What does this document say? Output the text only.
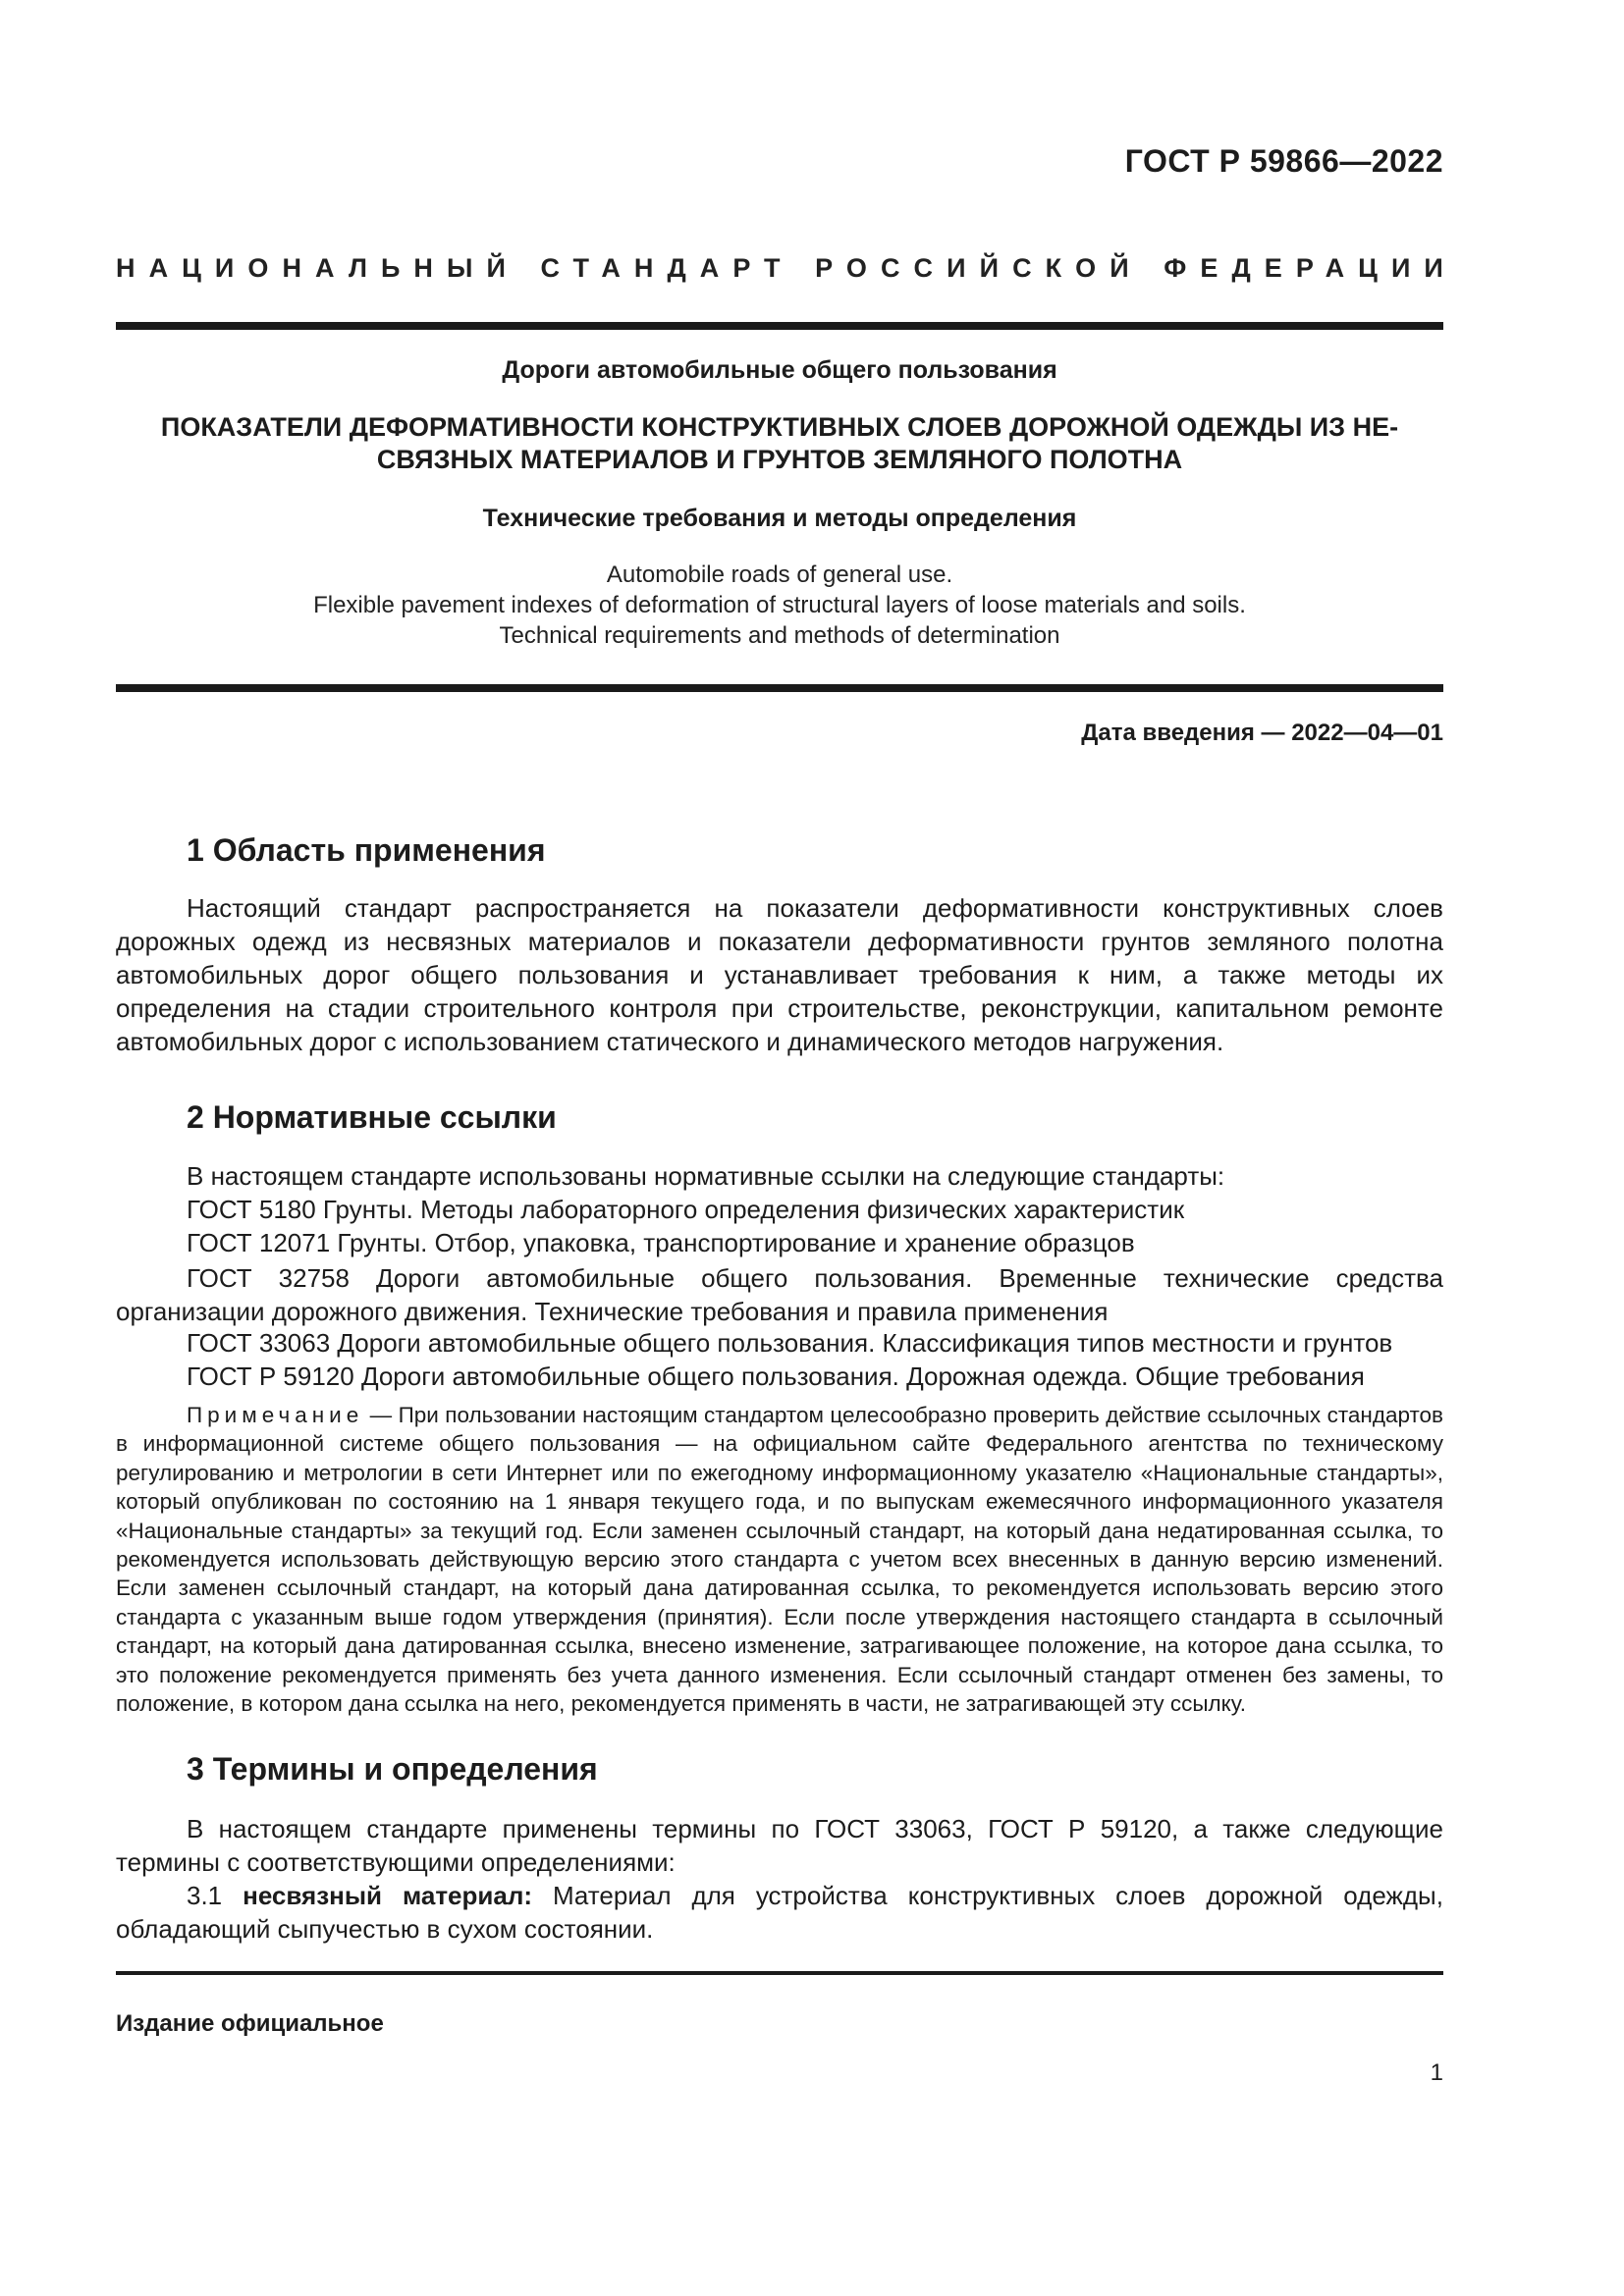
ГОСТ Р 59866—2022
НАЦИОНАЛЬНЫЙ СТАНДАРТ РОССИЙСКОЙ ФЕДЕРАЦИИ
Дороги автомобильные общего пользования
ПОКАЗАТЕЛИ ДЕФОРМАТИВНОСТИ КОНСТРУКТИВНЫХ СЛОЕВ ДОРОЖНОЙ ОДЕЖДЫ ИЗ НЕ-
СВЯЗНЫХ МАТЕРИАЛОВ И ГРУНТОВ ЗЕМЛЯНОГО ПОЛОТНА
Технические требования и методы определения
Automobile roads of general use.
Flexible pavement indexes of deformation of structural layers of loose materials and soils.
Technical requirements and methods of determination
Дата введения — 2022—04—01
1 Область применения
Настоящий стандарт распространяется на показатели деформативности конструктивных слоев дорожных одежд из несвязных материалов и показатели деформативности грунтов земляного полотна автомобильных дорог общего пользования и устанавливает требования к ним, а также методы их определения на стадии строительного контроля при строительстве, реконструкции, капитальном ремонте автомобильных дорог с использованием статического и динамического методов нагружения.
2 Нормативные ссылки
В настоящем стандарте использованы нормативные ссылки на следующие стандарты:
ГОСТ 5180 Грунты. Методы лабораторного определения физических характеристик
ГОСТ 12071 Грунты. Отбор, упаковка, транспортирование и хранение образцов
ГОСТ 32758 Дороги автомобильные общего пользования. Временные технические средства организации дорожного движения. Технические требования и правила применения
ГОСТ 33063 Дороги автомобильные общего пользования. Классификация типов местности и грунтов
ГОСТ Р 59120 Дороги автомобильные общего пользования. Дорожная одежда. Общие требования
Примечание — При пользовании настоящим стандартом целесообразно проверить действие ссылочных стандартов в информационной системе общего пользования — на официальном сайте Федерального агентства по техническому регулированию и метрологии в сети Интернет или по ежегодному информационному указателю «Национальные стандарты», который опубликован по состоянию на 1 января текущего года, и по выпускам ежемесячного информационного указателя «Национальные стандарты» за текущий год. Если заменен ссылочный стандарт, на который дана недатированная ссылка, то рекомендуется использовать действующую версию этого стандарта с учетом всех внесенных в данную версию изменений. Если заменен ссылочный стандарт, на который дана датированная ссылка, то рекомендуется использовать версию этого стандарта с указанным выше годом утверждения (принятия). Если после утверждения настоящего стандарта в ссылочный стандарт, на который дана датированная ссылка, внесено изменение, затрагивающее положение, на которое дана ссылка, то это положение рекомендуется применять без учета данного изменения. Если ссылочный стандарт отменен без замены, то положение, в котором дана ссылка на него, рекомендуется применять в части, не затрагивающей эту ссылку.
3 Термины и определения
В настоящем стандарте применены термины по ГОСТ 33063, ГОСТ Р 59120, а также следующие термины с соответствующими определениями:
3.1 несвязный материал: Материал для устройства конструктивных слоев дорожной одежды, обладающий сыпучестью в сухом состоянии.
Издание официальное
1
